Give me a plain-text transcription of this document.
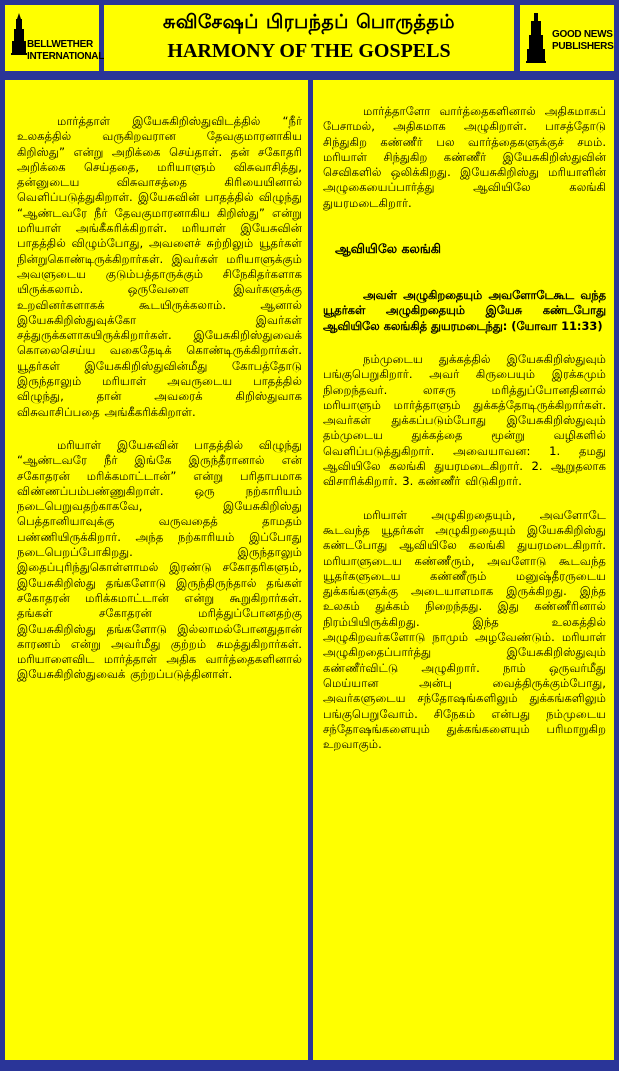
BELLWETHER
INTERNATIONAL
சுவிசேஷப் பிரபந்தப் பொருத்தம்
HARMONY OF THE GOSPELS
GOOD NEWS
PUBLISHERS

மார்த்தாள் இயேசுகிறிஸ்துவிடத்தில் “நீர் உலகத்தில் வருகிறவரான தேவகுமாரனாகிய கிறிஸ்து” என்று அறிக்கை செய்தாள். தன் சகோதரி அறிக்கை செய்ததை, மரியாளும் விசுவாசித்து, தன்னுடைய விசுவாசத்தை கிரியையினால் வெளிப்படுத்துகிறாள். இயேசுவின் பாதத்தில் விழுந்து “ஆண்டவரே நீர் தேவகுமாரனாகிய கிறிஸ்து” என்று மரியாள் அங்கீகரிக்கிறாள். மரியாள் இயேசுவின் பாதத்தில் விழும்போது, அவளைச் சுற்றிலும் யூதர்கள் நின்றுகொண்டிருக்கிறார்கள். இவர்கள் மரியாளுக்கும் அவளுடைய குடும்பத்தாருக்கும் சிநேகிதர்களாக யிருக்கலாம். ஒருவேளை இவர்களுக்கு உறவினர்களாகக் கூடயிருக்கலாம். ஆனால் இயேசுகிறிஸ்துவுக்கோ இவர்கள் சத்துருக்களாகயிருக்கிறார்கள். இயேசுகிறிஸ்துவைக் கொலைசெய்ய வகைதேடிக் கொண்டிருக்கிறார்கள். யூதர்கள் இயேசுகிறிஸ்துவின்மீது கோபத்தோடு இருந்தாலும் மரியாள் அவருடைய பாதத்தில் விழுந்து, தான் அவரைக் கிறிஸ்துவாக விசுவாசிப்பதை அங்கீகரிக்கிறாள்.

மரியாள் இயேசுவின் பாதத்தில் விழுந்து “ஆண்டவரே நீர் இங்கே இருந்தீரானால் என் சகோதரன் மரிக்கமாட்டான்” என்று பரிதாபமாக விண்ணப்பம்பண்ணுகிறாள். ஒரு நற்காரியம் நடைபெறுவதற்காகவே, இயேசுகிறிஸ்து பெத்தானியாவுக்கு வருவதைத் தாமதம் பண்ணியிருக்கிறார். அந்த நற்காரியம் இப்போது நடைபெறப்போகிறது. இருந்தாலும் இதைப்புரிந்துகொள்ளாமல் இரண்டு சகோதரிகளும், இயேசுகிறிஸ்து தங்களோடு இருந்திருந்தால் தங்கள் சகோதரன் மரிக்கமாட்டான் என்று கூறுகிறார்கள். தங்கள் சகோதரன் மரித்துப்போனதற்கு இயேசுகிறிஸ்து தங்களோடு இல்லாமல்போனதுதான் காரணம் என்று அவர்மீது குற்றம் சுமத்துகிறார்கள். மரியாளைவிட மார்த்தாள் அதிக வார்த்தைகளினால் இயேசுகிறிஸ்துவைக் குற்றப்படுத்தினாள்.

மார்த்தாளோ வார்த்தைகளினால் அதிகமாகப் பேசாமல், அதிகமாக அழுகிறாள். பாசத்தோடு சிந்துகிற கண்ணீர் பல வார்த்தைகளுக்குச் சமம். மரியாள் சிந்துகிற கண்ணீர் இயேசுகிறிஸ்துவின் செவிகளில் ஒலிக்கிறது. இயேசுகிறிஸ்து மரியாளின் அழுகையைப்பார்த்து ஆவியிலே கலங்கி துயரமடைகிறார்.

ஆவியிலே கலங்கி

அவள் அழுகிறதையும் அவளோடேகூட வந்த யூதர்கள் அழுகிறதையும் இயேசு கண்டபோது ஆவியிலே கலங்கித் துயரமடைந்து: (யோவா 11:33)

நம்முடைய துக்கத்தில் இயேசுகிறிஸ்துவும் பங்குபெறுகிறார். அவர் கிருபையும் இரக்கமும் நிறைந்தவர். லாசரு மரித்துப்போனதினால் மரியாளும் மார்த்தாளும் துக்கத்தோடிருக்கிறார்கள். அவர்கள் துக்கப்படும்போது இயேசுகிறிஸ்துவும் தம்முடைய துக்கத்தை மூன்று வழிகளில் வெளிப்படுத்துகிறார். அவையாவன: 1. தமது ஆவியிலே கலங்கி துயரமடைகிறார். 2. ஆறுதலாக விசாரிக்கிறார். 3. கண்ணீர் விடுகிறார்.

மரியாள் அழுகிறதையும், அவளோடே கூடவந்த யூதர்கள் அழுகிறதையும் இயேசுகிறிஸ்து கண்டபோது ஆவியிலே கலங்கி துயரமடைகிறார். மரியாளுடைய கண்ணீரும், அவளோடு கூடவந்த யூதர்களுடைய கண்ணீரும் மனுஷ்தீரருடைய துக்கங்களுக்கு அடையாளமாக இருக்கிறது. இந்த உலகம் துக்கம் நிறைந்தது. இது கண்ணீரினால் நிரம்பியிருக்கிறது. இந்த உலகத்தில் அழுகிறவர்களோடு நாமும் அழவேண்டும். மரியாள் அழுகிறதைப்பார்த்து இயேசுகிறிஸ்துவும் கண்ணீர்விட்டு அழுகிறார். நாம் ஒருவர்மீது மெய்யான அன்பு வைத்திருக்கும்போது, அவர்களுடைய சந்தோஷங்களிலும் துக்கங்களிலும் பங்குபெறுவோம். சிநேகம் என்பது நம்முடைய சந்தோஷங்களையும் துக்கங்களையும் பரிமாறுகிற உறவாகும்.
